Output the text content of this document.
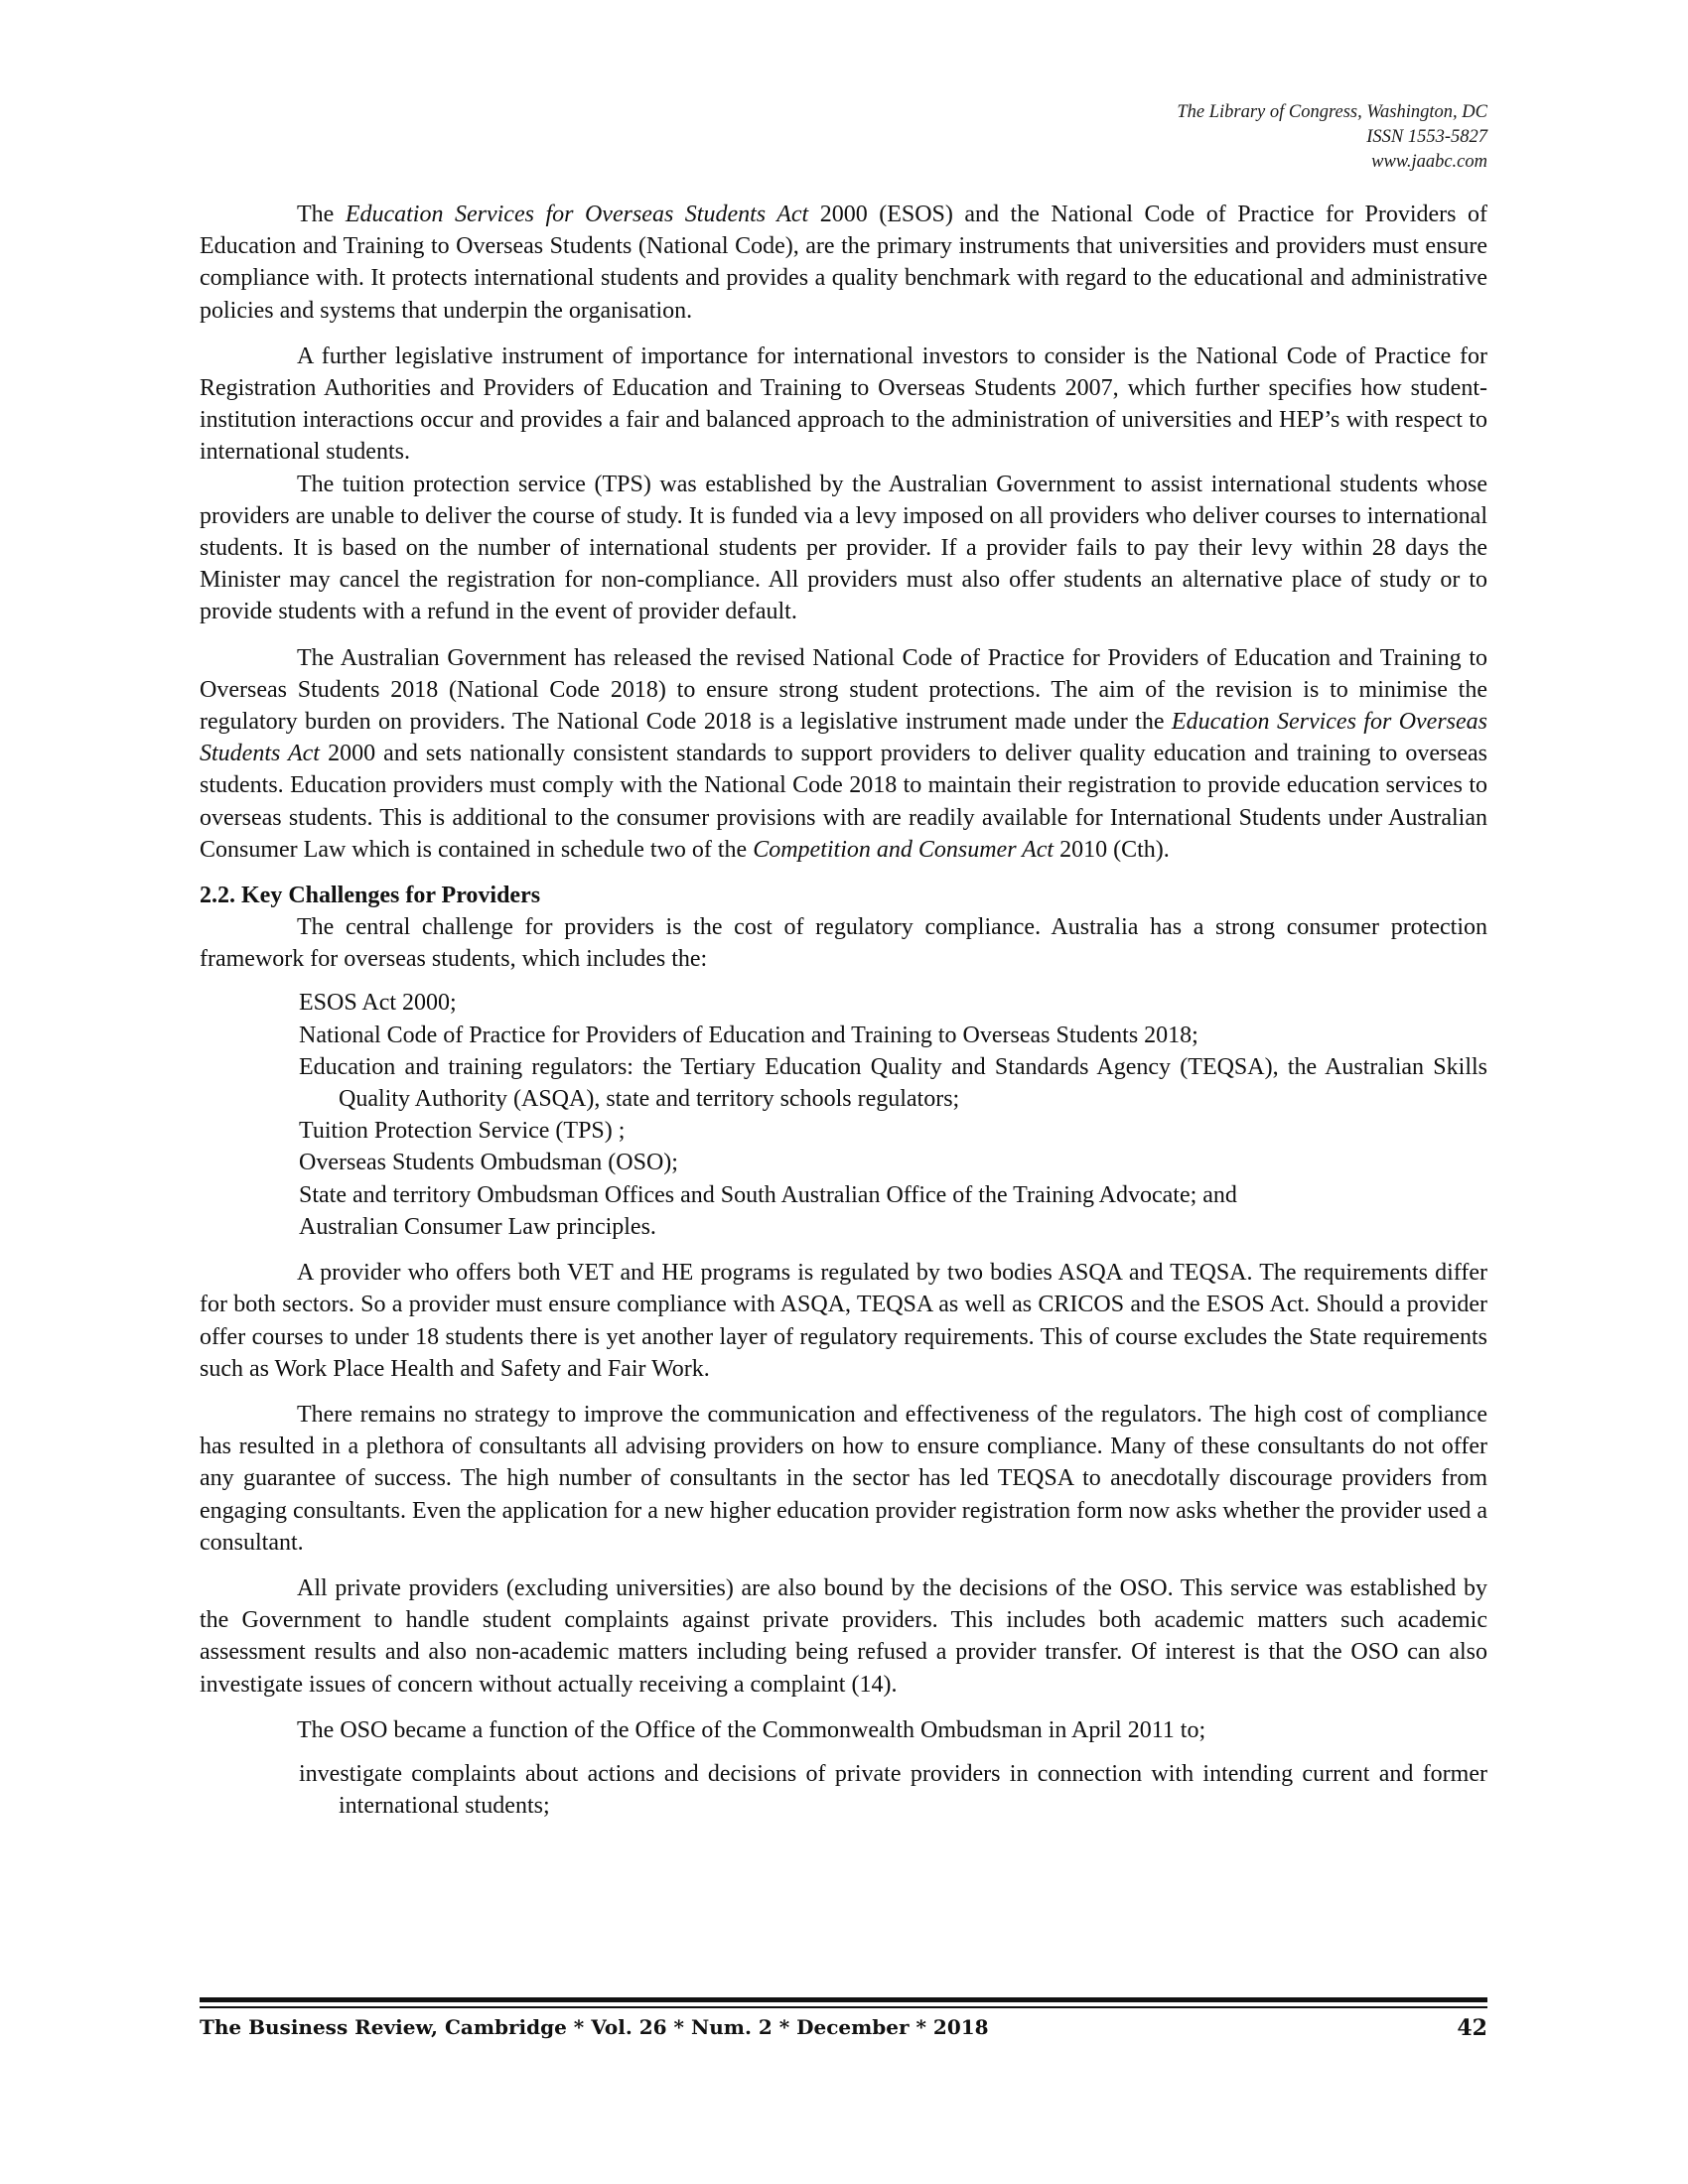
The Library of Congress, Washington, DC
ISSN 1553-5827
www.jaabc.com

The Education Services for Overseas Students Act 2000 (ESOS) and the National Code of Practice for Providers of Education and Training to Overseas Students (National Code), are the primary instruments that universities and providers must ensure compliance with. It protects international students and provides a quality benchmark with regard to the educational and administrative policies and systems that underpin the organisation.

A further legislative instrument of importance for international investors to consider is the National Code of Practice for Registration Authorities and Providers of Education and Training to Overseas Students 2007, which further specifies how student-institution interactions occur and provides a fair and balanced approach to the administration of universities and HEP’s with respect to international students.

The tuition protection service (TPS) was established by the Australian Government to assist international students whose providers are unable to deliver the course of study. It is funded via a levy imposed on all providers who deliver courses to international students. It is based on the number of international students per provider. If a provider fails to pay their levy within 28 days the Minister may cancel the registration for non-compliance. All providers must also offer students an alternative place of study or to provide students with a refund in the event of provider default.

The Australian Government has released the revised National Code of Practice for Providers of Education and Training to Overseas Students 2018 (National Code 2018) to ensure strong student protections. The aim of the revision is to minimise the regulatory burden on providers. The National Code 2018 is a legislative instrument made under the Education Services for Overseas Students Act 2000 and sets nationally consistent standards to support providers to deliver quality education and training to overseas students. Education providers must comply with the National Code 2018 to maintain their registration to provide education services to overseas students. This is additional to the consumer provisions with are readily available for International Students under Australian Consumer Law which is contained in schedule two of the Competition and Consumer Act 2010 (Cth).

2.2. Key Challenges for Providers

The central challenge for providers is the cost of regulatory compliance. Australia has a strong consumer protection framework for overseas students, which includes the:

ESOS Act 2000;
National Code of Practice for Providers of Education and Training to Overseas Students 2018;
Education and training regulators: the Tertiary Education Quality and Standards Agency (TEQSA), the Australian Skills Quality Authority (ASQA), state and territory schools regulators;
Tuition Protection Service (TPS) ;
Overseas Students Ombudsman (OSO);
State and territory Ombudsman Offices and South Australian Office of the Training Advocate; and
Australian Consumer Law principles.

A provider who offers both VET and HE programs is regulated by two bodies ASQA and TEQSA. The requirements differ for both sectors. So a provider must ensure compliance with ASQA, TEQSA as well as CRICOS and the ESOS Act. Should a provider offer courses to under 18 students there is yet another layer of regulatory requirements. This of course excludes the State requirements such as Work Place Health and Safety and Fair Work.

There remains no strategy to improve the communication and effectiveness of the regulators. The high cost of compliance has resulted in a plethora of consultants all advising providers on how to ensure compliance. Many of these consultants do not offer any guarantee of success. The high number of consultants in the sector has led TEQSA to anecdotally discourage providers from engaging consultants. Even the application for a new higher education provider registration form now asks whether the provider used a consultant.

All private providers (excluding universities) are also bound by the decisions of the OSO. This service was established by the Government to handle student complaints against private providers. This includes both academic matters such academic assessment results and also non-academic matters including being refused a provider transfer. Of interest is that the OSO can also investigate issues of concern without actually receiving a complaint (14).

The OSO became a function of the Office of the Commonwealth Ombudsman in April 2011 to;

investigate complaints about actions and decisions of private providers in connection with intending current and former international students;
The Business Review, Cambridge * Vol. 26 * Num. 2 * December * 2018	42
